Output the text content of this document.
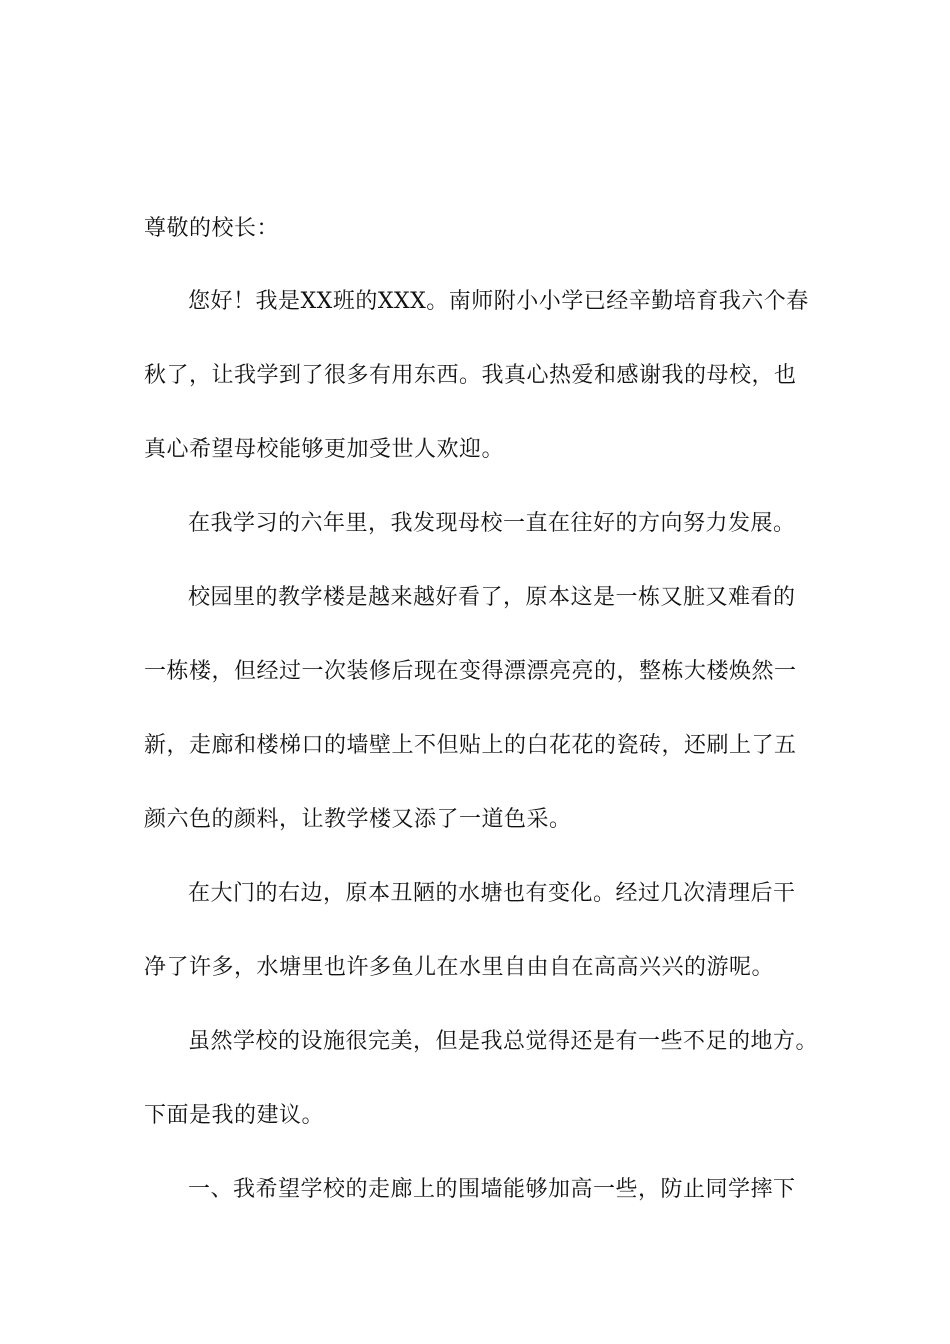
尊敬的校长：
您好！我是XX班的XXX。南师附小小学已经辛勤培育我六个春
秋了，让我学到了很多有用东西。我真心热爱和感谢我的母校，也
真心希望母校能够更加受世人欢迎。
在我学习的六年里，我发现母校一直在往好的方向努力发展。
校园里的教学楼是越来越好看了，原本这是一栋又脏又难看的
一栋楼，但经过一次装修后现在变得漂漂亮亮的，整栋大楼焕然一
新，走廊和楼梯口的墙壁上不但贴上的白花花的瓷砖，还刷上了五
颜六色的颜料，让教学楼又添了一道色采。
在大门的右边，原本丑陋的水塘也有变化。经过几次清理后干
净了许多，水塘里也许多鱼儿在水里自由自在高高兴兴的游呢。
虽然学校的设施很完美，但是我总觉得还是有一些不足的地方。
下面是我的建议。
一、我希望学校的走廊上的围墙能够加高一些，防止同学摔下
